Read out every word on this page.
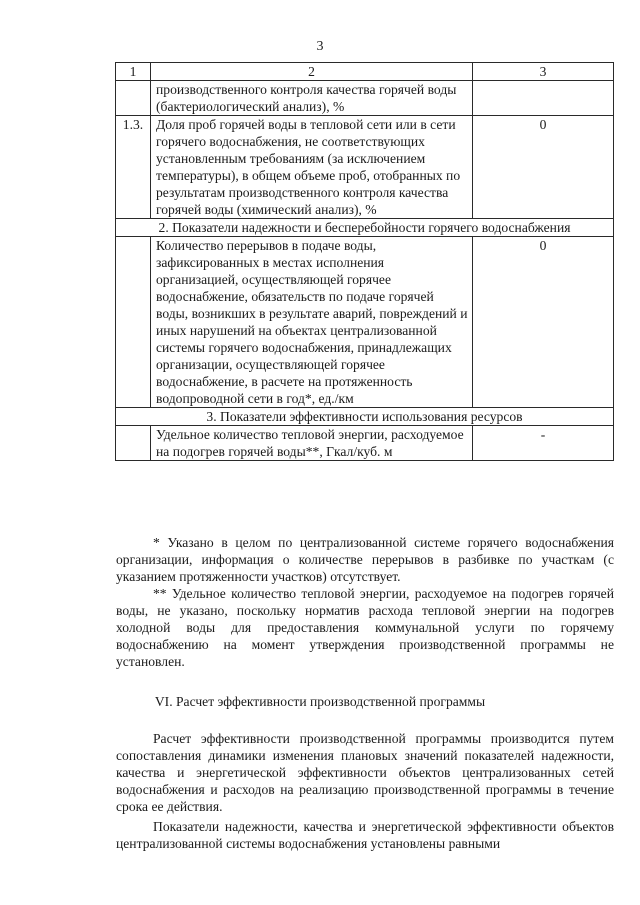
3
1	2	3
	производственного контроля качества горячей воды (бактериологический анализ), %	
1.3.	Доля проб горячей воды в тепловой сети или в сети горячего водоснабжения, не соответствующих установленным требованиям (за исключением температуры), в общем объеме проб, отобранных по результатам производственного контроля качества горячей воды (химический анализ), %	0
2. Показатели надежности и бесперебойности горячего водоснабжения		
	Количество перерывов в подаче воды, зафиксированных в местах исполнения организацией, осуществляющей горячее водоснабжение, обязательств по подаче горячей воды, возникших в результате аварий, повреждений и иных нарушений на объектах централизованной системы горячего водоснабжения, принадлежащих организации, осуществляющей горячее водоснабжение, в расчете на протяженность водопроводной сети в год*, ед./км	0
3. Показатели эффективности использования ресурсов		
	Удельное количество тепловой энергии, расходуемое на подогрев горячей воды**, Гкал/куб. м	-

* Указано в целом по централизованной системе горячего водоснабжения организации, информация о количестве перерывов в разбивке по участкам (с указанием протяженности участков) отсутствует.

** Удельное количество тепловой энергии, расходуемое на подогрев горячей воды, не указано, поскольку норматив расхода тепловой энергии на подогрев холодной воды для предоставления коммунальной услуги по горячему водоснабжению на момент утверждения производственной программы не установлен.

VI. Расчет эффективности производственной программы

Расчет эффективности производственной программы производится путем сопоставления динамики изменения плановых значений показателей надежности, качества и энергетической эффективности объектов централизованных сетей водоснабжения и расходов на реализацию производственной программы в течение срока ее действия.

Показатели надежности, качества и энергетической эффективности объектов централизованной системы водоснабжения установлены равными
